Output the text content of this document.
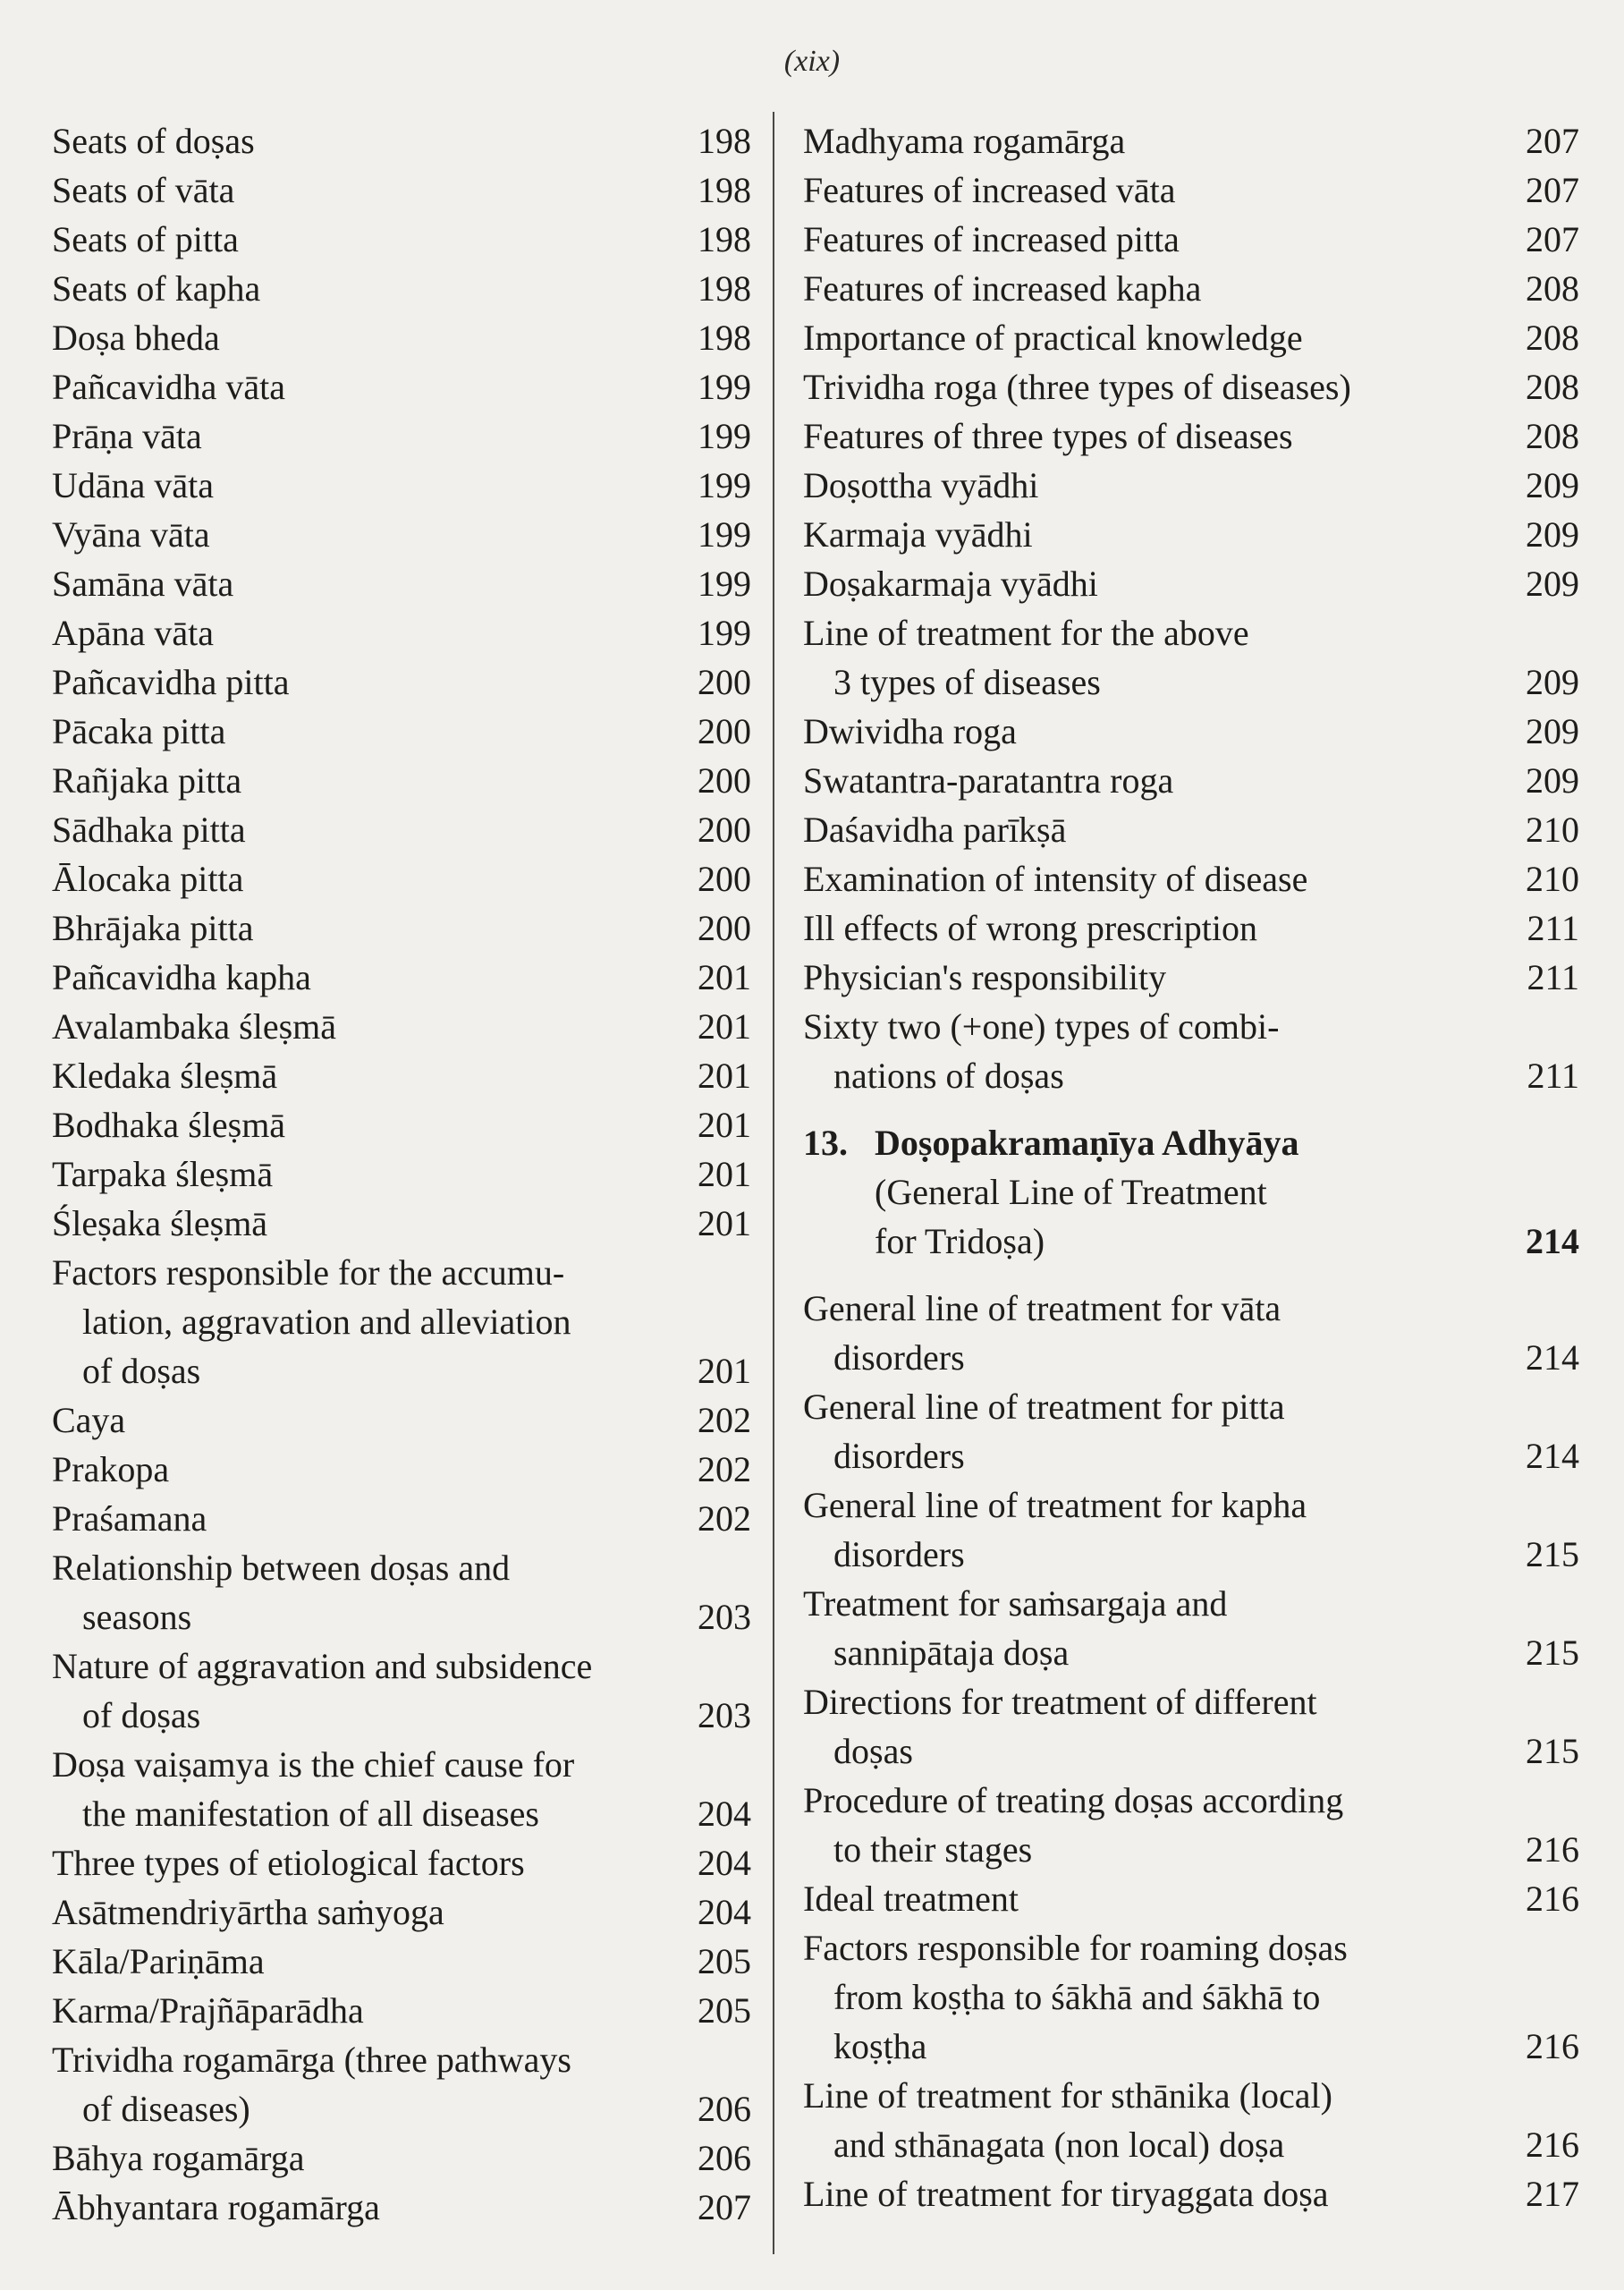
(xix)
Seats of doṣas	198
Seats of vāta	198
Seats of pitta	198
Seats of kapha	198
Doṣa bheda	198
Pañcavidha vāta	199
Prāṇa vāta	199
Udāna vāta	199
Vyāna vāta	199
Samāna vāta	199
Apāna vāta	199
Pañcavidha pitta	200
Pācaka pitta	200
Rañjaka pitta	200
Sādhaka pitta	200
Ālocaka pitta	200
Bhrājaka pitta	200
Pañcavidha kapha	201
Avalambaka śleṣmā	201
Kledaka śleṣmā	201
Bodhaka śleṣmā	201
Tarpaka śleṣmā	201
Śleṣaka śleṣmā	201
Factors responsible for the accumu-
lation, aggravation and alleviation
of doṣas	201
Caya	202
Prakopa	202
Praśamana	202
Relationship between doṣas and
seasons	203
Nature of aggravation and subsidence
of doṣas	203
Doṣa vaiṣamya is the chief cause for
the manifestation of all diseases	204
Three types of etiological factors	204
Asātmendriyārtha saṁyoga	204
Kāla/Pariṇāma	205
Karma/Prajñāparādha	205
Trividha rogamārga (three pathways
of diseases)	206
Bāhya rogamārga	206
Ābhyantara rogamārga	207
Madhyama rogamārga	207
Features of increased vāta	207
Features of increased pitta	207
Features of increased kapha	208
Importance of practical knowledge	208
Trividha roga (three types of diseases)	208
Features of three types of diseases	208
Doṣottha vyādhi	209
Karmaja vyādhi	209
Doṣakarmaja vyādhi	209
Line of treatment for the above
3 types of diseases	209
Dwividha roga	209
Swatantra-paratantra roga	209
Daśavidha parīkṣā	210
Examination of intensity of disease	210
Ill effects of wrong prescription	211
Physician's responsibility	211
Sixty two (+one) types of combi-
nations of doṣas	211
13. Doṣopakramaṇīya Adhyāya
(General Line of Treatment
for Tridoṣa)	214
General line of treatment for vāta
disorders	214
General line of treatment for pitta
disorders	214
General line of treatment for kapha
disorders	215
Treatment for saṁsargaja and
sannipātaja doṣa	215
Directions for treatment of different
doṣas	215
Procedure of treating doṣas according
to their stages	216
Ideal treatment	216
Factors responsible for roaming doṣas
from koṣṭha to śākhā and śākhā to
koṣṭha	216
Line of treatment for sthānika (local)
and sthānagata (non local) doṣa	216
Line of treatment for tiryaggata doṣa	217
